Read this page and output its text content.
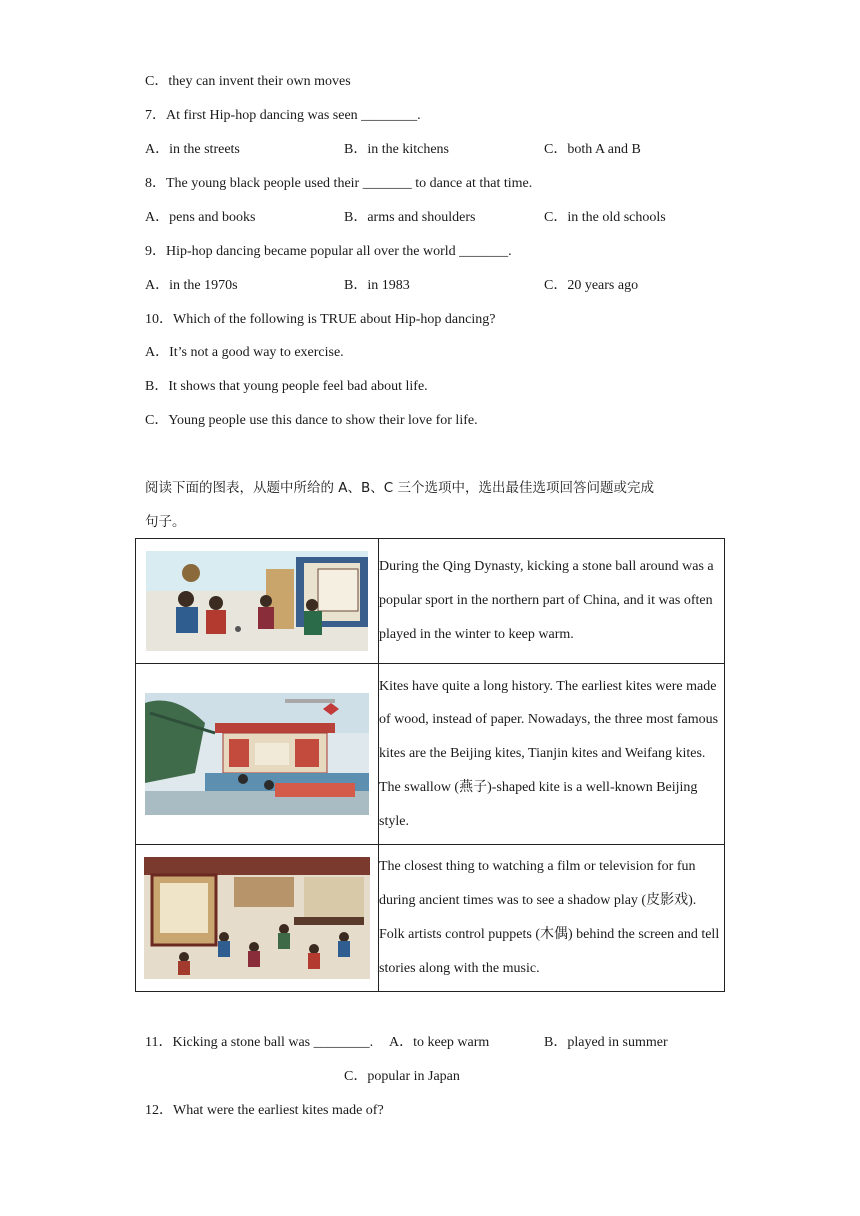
C．they can invent their own moves
7．At first Hip-hop dancing was seen ________.
A．in the streets	B．in the kitchens	C．both A and B
8．The young black people used their _______ to dance at that time.
A．pens and books	B．arms and shoulders	C．in the old schools
9．Hip-hop dancing became popular all over the world _______.
A．in the 1970s	B．in 1983	C．20 years ago
10．Which of the following is TRUE about Hip-hop dancing?
A．It’s not a good way to exercise.
B．It shows that young people feel bad about life.
C．Young people use this dance to show their love for life.
阅读下面的图表，从题中所给的 A、B、C 三个选项中，选出最佳选项回答问题或完成
句子。
	During the Qing Dynasty, kicking a stone ball around was a popular sport in the northern part of China, and it was often played in the winter to keep warm.

	Kites have quite a long history. The earliest kites were made of wood, instead of paper. Nowadays, the three most famous kites are the Beijing kites, Tianjin kites and Weifang kites. The swallow (燕子)-shaped kite is a well-known Beijing style.

	The closest thing to watching a film or television for fun during ancient times was to see a shadow play (皮影戏). Folk artists control puppets (木偶) behind the screen and tell stories along with the music.
11．Kicking a stone ball was ________. A．to keep warm	B．played in summer
C．popular in Japan
12．What were the earliest kites made of?
